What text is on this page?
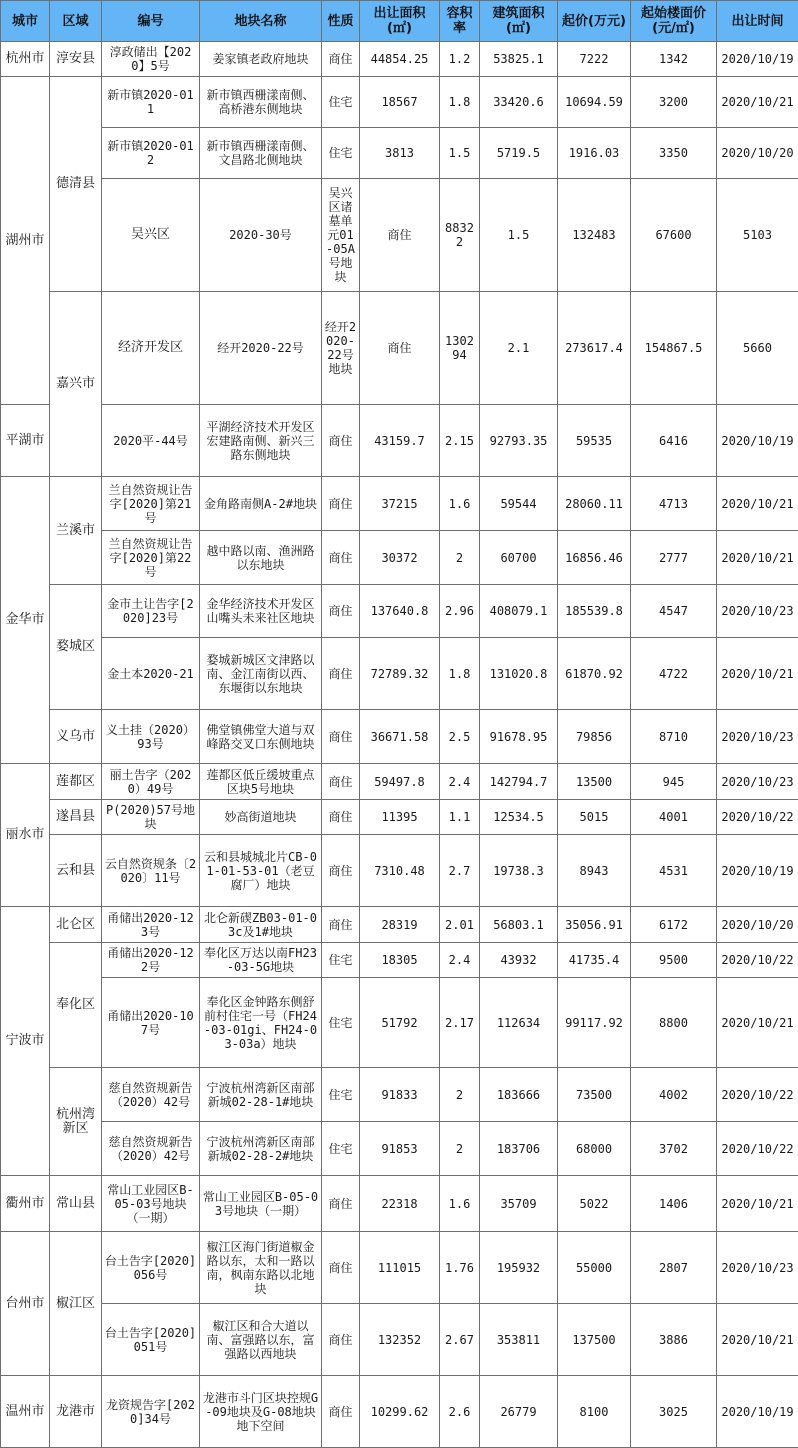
城市	区域	编号	地块名称	性质	出让面积(㎡)	容积率	建筑面积(㎡)	起价(万元)	起始楼面价(元/㎡)	出让时间	
杭州市	淳安县	淳政储出【2020】5号	姜家镇老政府地块	商住	44854.25	1.2	53825.1	7222	1342	2020/10/19	
湖州市	德清县	新市镇2020-011	新市镇西栅漾南侧、高桥港东侧地块	住宅	18567	1.8	33420.6	10694.59	3200	2020/10/21	
		新市镇2020-012	新市镇西栅漾南侧、文昌路北侧地块	住宅	3813	1.5	5719.5	1916.03	3350	2020/10/20	
		吴兴区	2020-30号	吴兴区诸墓单元01-05A号地块	商住	88322	1.5	132483	67600	5103	
	嘉兴市	经济开发区	经开2020-22号	经开2020-22号地块	商住	130294	2.1	273617.4	154867.5	5660	
平湖市		2020平-44号	平湖经济技术开发区宏建路南侧、新兴三路东侧地块	商住	43159.7	2.15	92793.35	59535	6416	2020/10/19	
金华市	兰溪市	兰自然资规让告字[2020]第21号	金角路南侧A-2#地块	商住	37215	1.6	59544	28060.11	4713	2020/10/21	
		兰自然资规让告字[2020]第22号	越中路以南、渔洲路以东地块	商住	30372	2	60700	16856.46	2777	2020/10/21	
	婺城区	金市土让告字[2020]23号	金华经济技术开发区山嘴头未来社区地块	商住	137640.8	2.96	408079.1	185539.8	4547	2020/10/23	
		金土本2020-21	婺城新城区文津路以南、金江南街以西、东堰街以东地块	商住	72789.32	1.8	131020.8	61870.92	4722	2020/10/21	
	义乌市	义土挂（2020）93号	佛堂镇佛堂大道与双峰路交叉口东侧地块	商住	36671.58	2.5	91678.95	79856	8710	2020/10/23	
丽水市	莲都区	丽土告字（2020）49号	莲都区低丘缓坡重点区块5号地块	商住	59497.8	2.4	142794.7	13500	945	2020/10/23	
	遂昌县	P(2020)57号地块	妙高街道地块	商住	11395	1.1	12534.5	5015	4001	2020/10/22	
	云和县	云自然资规条〔2020〕11号	云和县城城北片CB-01-01-53-01（老豆腐厂）地块	商住	7310.48	2.7	19738.3	8943	4531	2020/10/19	
宁波市	北仑区	甬储出2020-123号	北仑新碶ZB03-01-03c及1#地块	商住	28319	2.01	56803.1	35056.91	6172	2020/10/20	
	奉化区	甬储出2020-122号	奉化区万达以南FH23-03-5G地块	住宅	18305	2.4	43932	41735.4	9500	2020/10/22	
		甬储出2020-107号	奉化区金钟路东侧舒前村住宅一号（FH24-03-01gi、FH24-03-03a）地块	住宅	51792	2.17	112634	99117.92	8800	2020/10/21	
	杭州湾新区	慈自然资规新告（2020）42号	宁波杭州湾新区南部新城02-28-1#地块	住宅	91833	2	183666	73500	4002	2020/10/22	
		慈自然资规新告（2020）42号	宁波杭州湾新区南部新城02-28-2#地块	住宅	91853	2	183706	68000	3702	2020/10/22	
衢州市	常山县	常山工业园区B-05-03号地块（一期）	常山工业园区B-05-03号地块（一期）	商住	22318	1.6	35709	5022	1406	2020/10/21	
台州市	椒江区	台土告字[2020]056号	椒江区海门街道椒金路以东，太和一路以南，枫南东路以北地块	商住	111015	1.76	195932	55000	2807	2020/10/23	
		台土告字[2020]051号	椒江区和合大道以南、富强路以东，富强路以西地块	商住	132352	2.67	353811	137500	3886	2020/10/21	
温州市	龙港市	龙资规告字[2020]34号	龙港市斗门区块控规G-09地块及G-08地块地下空间	商住	10299.62	2.6	26779	8100	3025	2020/10/19	
